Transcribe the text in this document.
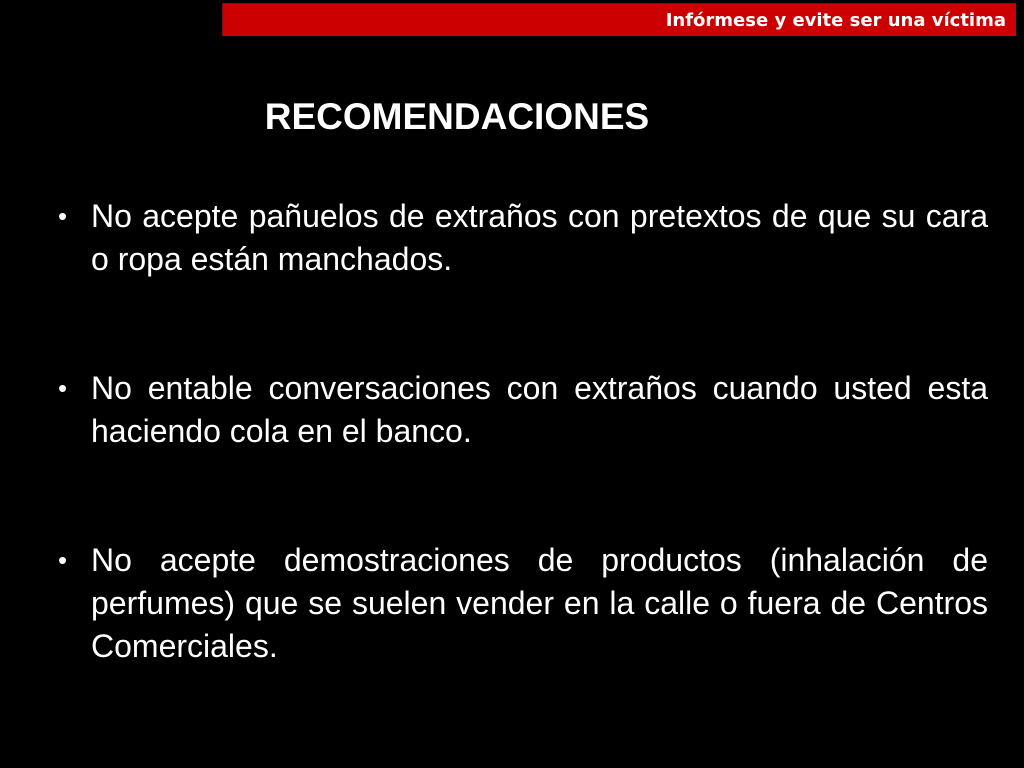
Infórmese y evite ser una víctima
RECOMENDACIONES
• No acepte pañuelos de extraños con pretextos de que su cara o ropa están manchados.
• No entable conversaciones con extraños cuando usted esta haciendo cola en el banco.
• No acepte demostraciones de productos (inhalación de perfumes) que se suelen vender en la calle o fuera de Centros Comerciales.
